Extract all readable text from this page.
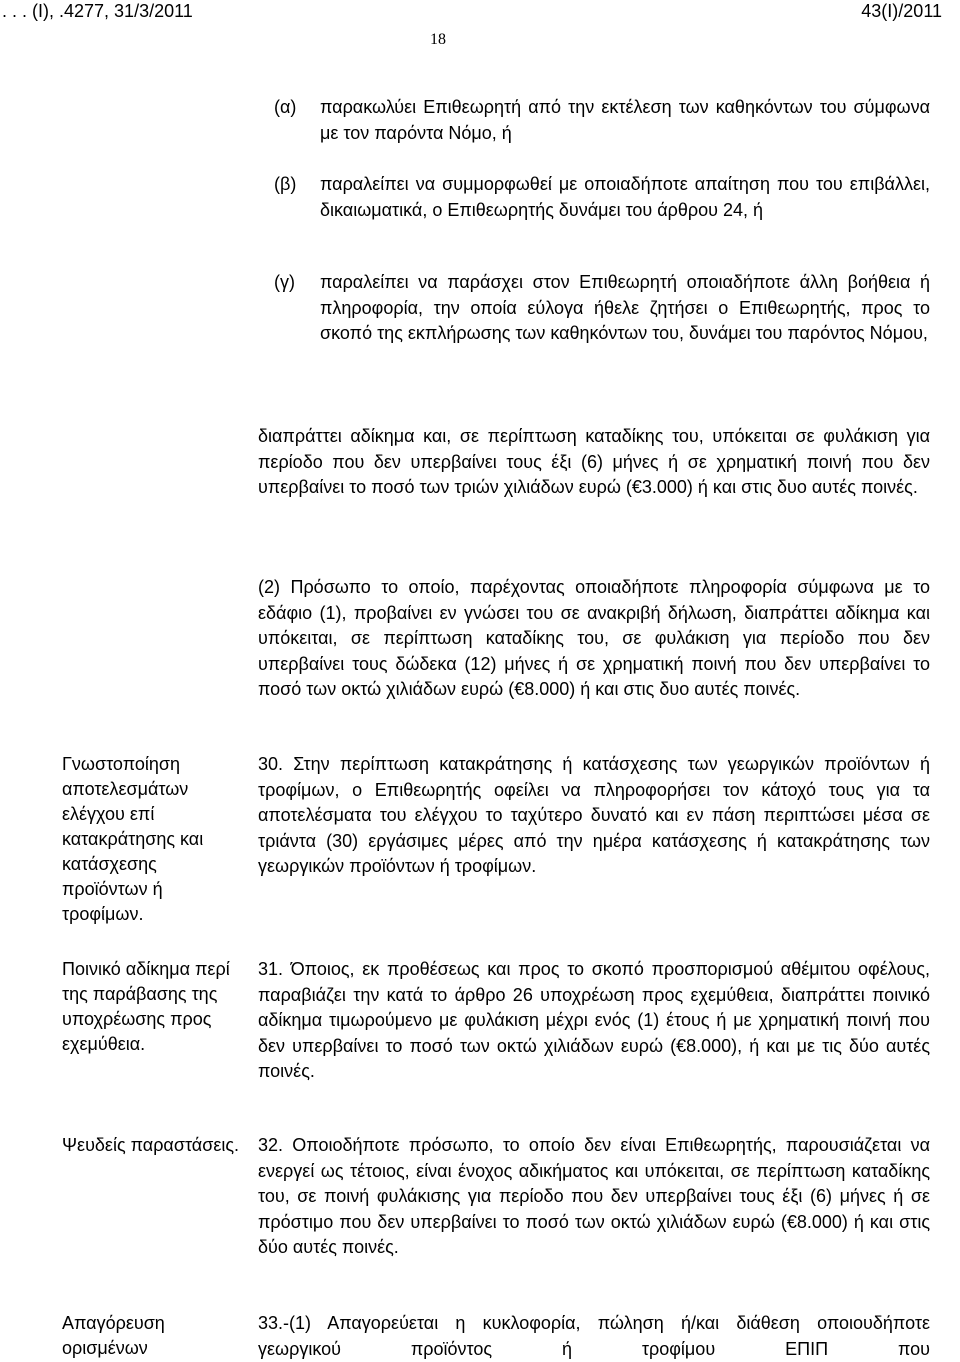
. . . (Ι), .4277, 31/3/2011	43(I)/2011
18
(α) παρακωλύει Επιθεωρητή από την εκτέλεση των καθηκόντων του σύμφωνα με τον παρόντα Νόμο, ή
(β) παραλείπει να συμμορφωθεί με οποιαδήποτε απαίτηση που του επιβάλλει, δικαιωματικά, ο Επιθεωρητής δυνάμει του άρθρου 24, ή
(γ) παραλείπει να παράσχει στον Επιθεωρητή οποιαδήποτε άλλη βοήθεια ή πληροφορία, την οποία εύλογα ήθελε ζητήσει ο Επιθεωρητής, προς το σκοπό της εκπλήρωσης των καθηκόντων του, δυνάμει του παρόντος Νόμου,
διαπράττει αδίκημα και, σε περίπτωση καταδίκης του, υπόκειται σε φυλάκιση για περίοδο που δεν υπερβαίνει τους έξι (6) μήνες ή σε χρηματική ποινή που δεν υπερβαίνει το ποσό των τριών χιλιάδων ευρώ (€3.000) ή και στις δυο αυτές ποινές.
(2) Πρόσωπο το οποίο, παρέχοντας οποιαδήποτε πληροφορία σύμφωνα με το εδάφιο (1), προβαίνει εν γνώσει του σε ανακριβή δήλωση, διαπράττει αδίκημα και υπόκειται, σε περίπτωση καταδίκης του, σε φυλάκιση για περίοδο που δεν υπερβαίνει τους δώδεκα (12) μήνες ή σε χρηματική ποινή που δεν υπερβαίνει το ποσό των οκτώ χιλιάδων ευρώ (€8.000) ή και στις δυο αυτές ποινές.
Γνωστοποίηση αποτελεσμάτων ελέγχου επί κατακράτησης και κατάσχεσης προϊόντων ή τροφίμων.
30. Στην περίπτωση κατακράτησης ή κατάσχεσης των γεωργικών προϊόντων ή τροφίμων, ο Επιθεωρητής οφείλει να πληροφορήσει τον κάτοχό τους για τα αποτελέσματα του ελέγχου το ταχύτερο δυνατό και εν πάση περιπτώσει μέσα σε τριάντα (30) εργάσιμες μέρες από την ημέρα κατάσχεσης ή κατακράτησης των γεωργικών προϊόντων ή τροφίμων.
Ποινικό αδίκημα περί της παράβασης της υποχρέωσης προς εχεμύθεια.
31. Όποιος, εκ προθέσεως και προς το σκοπό προσπορισμού αθέμιτου οφέλους, παραβιάζει την κατά το άρθρο 26 υποχρέωση προς εχεμύθεια, διαπράττει ποινικό αδίκημα τιμωρούμενο με φυλάκιση μέχρι ενός (1) έτους ή με χρηματική ποινή που δεν υπερβαίνει το ποσό των οκτώ χιλιάδων ευρώ (€8.000), ή και με τις δύο αυτές ποινές.
Ψευδείς παραστάσεις. 32. Οποιοδήποτε πρόσωπο, το οποίο δεν είναι Επιθεωρητής, παρουσιάζεται να ενεργεί ως τέτοιος, είναι ένοχος αδικήματος και υπόκειται, σε περίπτωση καταδίκης του, σε ποινή φυλάκισης για περίοδο που δεν υπερβαίνει τους έξι (6) μήνες ή σε πρόστιμο που δεν υπερβαίνει το ποσό των οκτώ χιλιάδων ευρώ (€8.000) ή και στις δύο αυτές ποινές.
Απαγόρευση ορισμένων
33.-(1) Απαγορεύεται η κυκλοφορία, πώληση ή/και διάθεση οποιουδήποτε γεωργικού προϊόντος ή τροφίμου ΕΠΙΠ που
